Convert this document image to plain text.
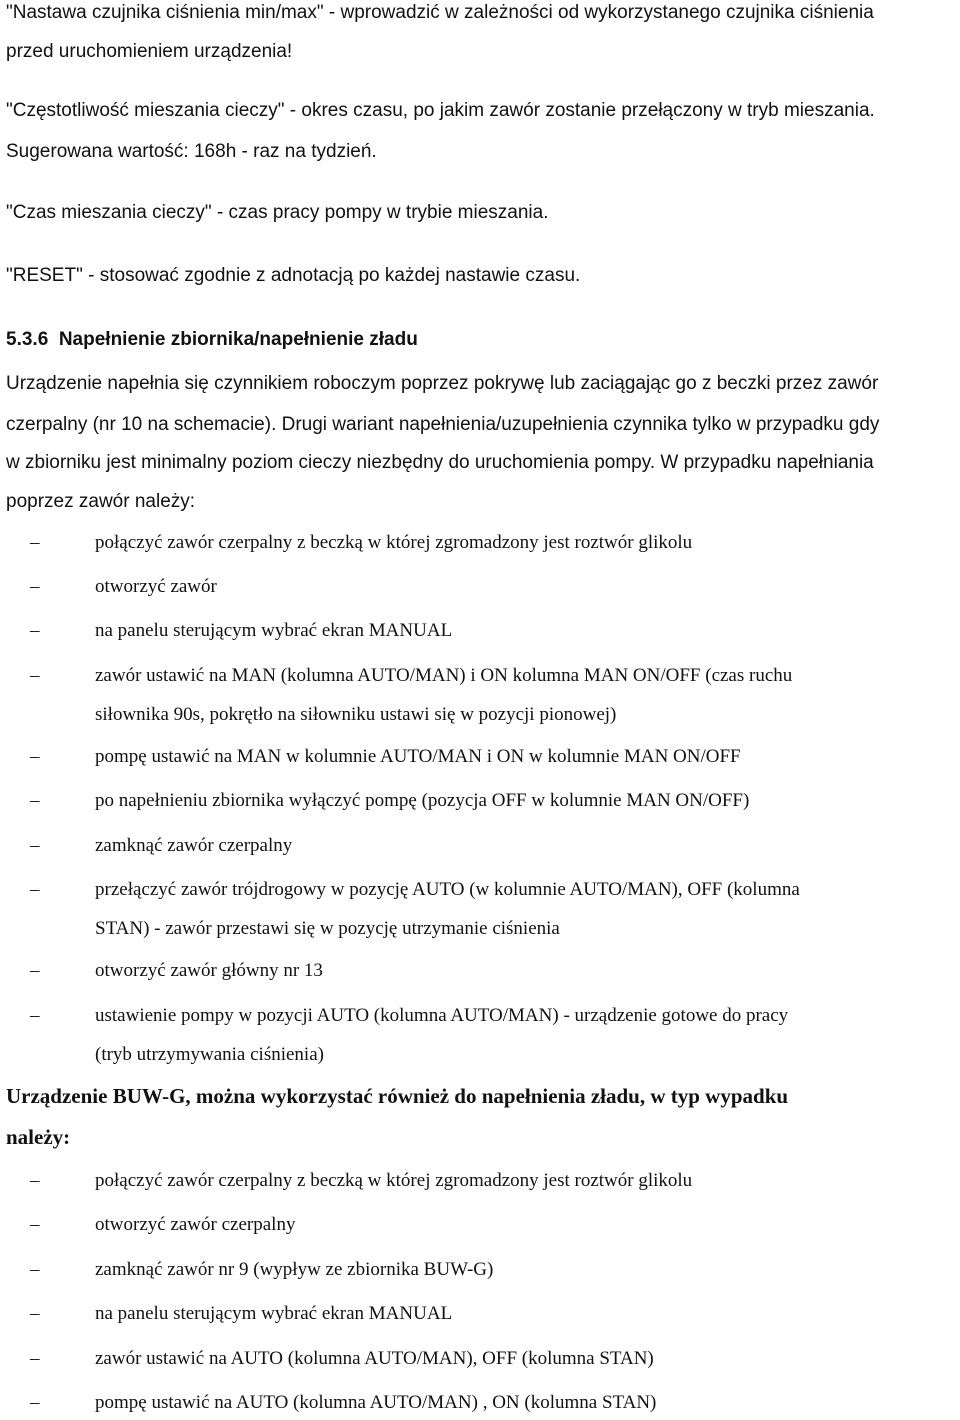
"Nastawa czujnika ciśnienia min/max" - wprowadzić w zależności od wykorzystanego czujnika ciśnienia
przed uruchomieniem urządzenia!
"Częstotliwość mieszania cieczy" - okres czasu, po jakim zawór zostanie przełączony w tryb mieszania.
Sugerowana wartość: 168h - raz na tydzień.
"Czas mieszania cieczy" - czas pracy pompy w trybie mieszania.
"RESET" - stosować zgodnie z adnotacją po każdej nastawie czasu.
5.3.6 Napełnienie zbiornika/napełnienie zładu
Urządzenie napełnia się czynnikiem roboczym poprzez pokrywę lub zaciągając go z beczki przez zawór
czerpalny (nr 10 na schemacie). Drugi wariant napełnienia/uzupełnienia czynnika tylko w przypadku gdy
w zbiorniku jest minimalny poziom cieczy niezbędny do uruchomienia pompy. W przypadku napełniania
poprzez zawór należy:
–	połączyć zawór czerpalny z beczką w której zgromadzony jest roztwór glikolu
–	otworzyć zawór
–	na panelu sterującym wybrać ekran MANUAL
–	zawór ustawić na MAN (kolumna AUTO/MAN) i ON kolumna MAN ON/OFF (czas ruchu
siłownika 90s, pokrętło na siłowniku ustawi się w pozycji pionowej)
–	pompę ustawić na MAN w kolumnie AUTO/MAN i ON w kolumnie MAN ON/OFF
–	po napełnieniu zbiornika wyłączyć pompę (pozycja OFF w kolumnie MAN ON/OFF)
–	zamknąć zawór czerpalny
–	przełączyć zawór trójdrogowy w pozycję AUTO (w kolumnie AUTO/MAN), OFF (kolumna
STAN) - zawór przestawi się w pozycję utrzymanie ciśnienia
–	otworzyć zawór główny nr 13
–	ustawienie pompy w pozycji AUTO (kolumna AUTO/MAN) - urządzenie gotowe do pracy
(tryb utrzymywania ciśnienia)
Urządzenie BUW-G, można wykorzystać również do napełnienia zładu, w typ wypadku
należy:
–	połączyć zawór czerpalny z beczką w której zgromadzony jest roztwór glikolu
–	otworzyć zawór czerpalny
–	zamknąć zawór nr 9 (wypływ ze zbiornika BUW-G)
–	na panelu sterującym wybrać ekran MANUAL
–	zawór ustawić na AUTO (kolumna AUTO/MAN), OFF (kolumna STAN)
–	pompę ustawić na AUTO (kolumna AUTO/MAN) , ON (kolumna STAN)
